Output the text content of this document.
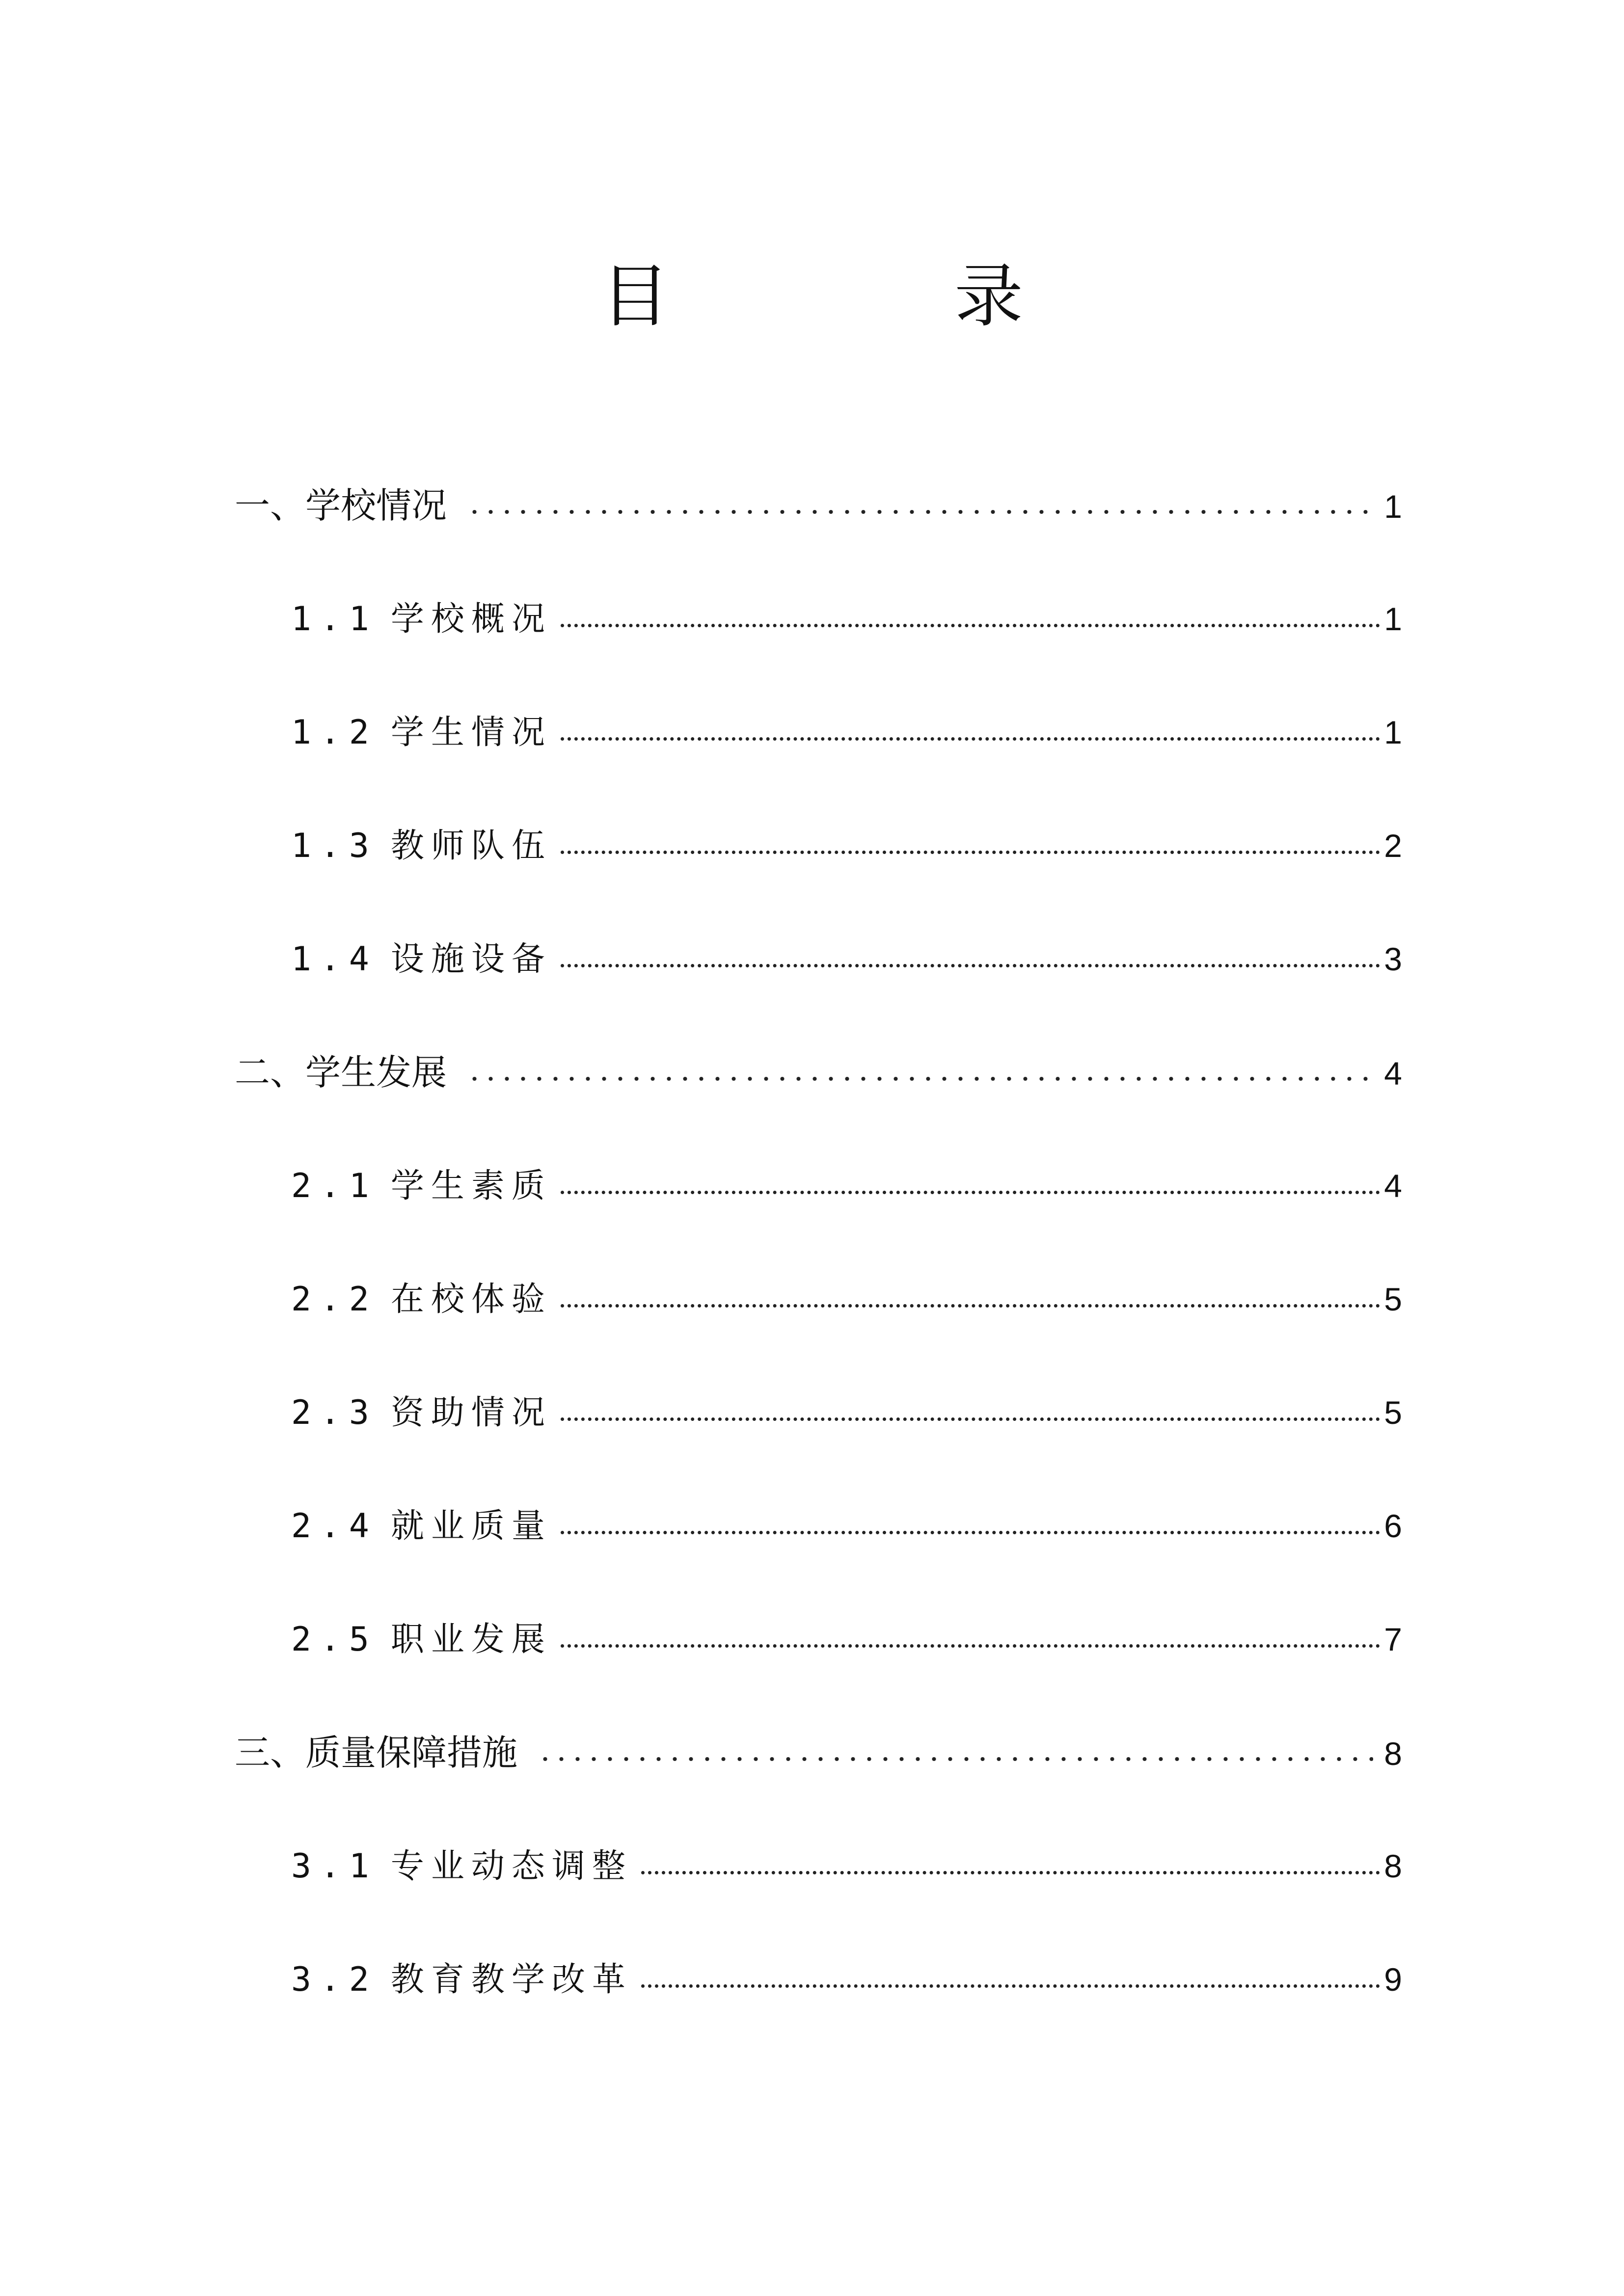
目　录
一、学校情况	1
1.1 学校概况	1
1.2 学生情况	1
1.3 教师队伍	2
1.4 设施设备	3
二、学生发展	4
2.1 学生素质	4
2.2 在校体验	5
2.3 资助情况	5
2.4 就业质量	6
2.5 职业发展	7
三、质量保障措施	8
3.1 专业动态调整	8
3.2 教育教学改革	9
